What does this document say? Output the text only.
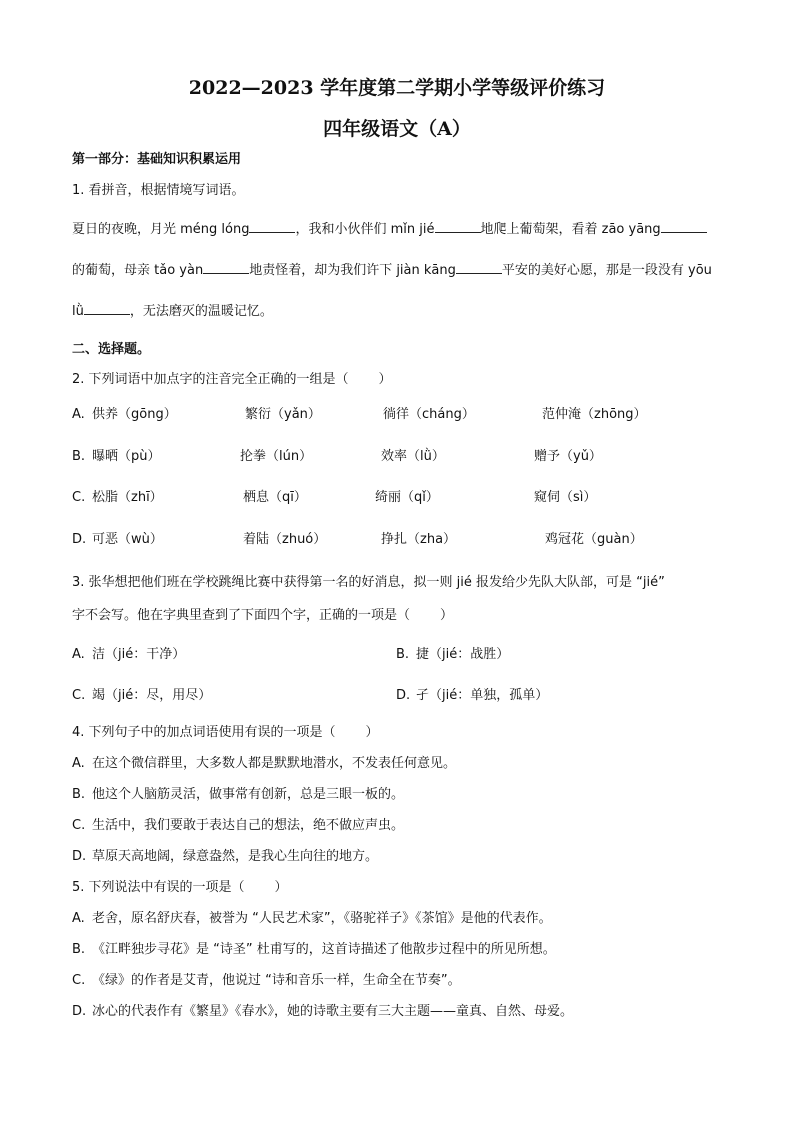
2022—2023 学年度第二学期小学等级评价练习
四年级语文（A）
第一部分：基础知识积累运用
1. 看拼音，根据情境写词语。
夏日的夜晚，月光 méng lóng	，我和小伙伴们 mǐn jié	地爬上葡萄架，看着 zāo yāng
的葡萄，母亲 tǎo yàn	地责怪着，却为我们许下 jiàn kāng	平安的美好心愿，那是一段没有 yōu
lǜ	，无法磨灭的温暖记忆。
二、选择题。
2. 下列词语中加点字的注音完全正确的一组是（ ）
A. 供养（gōng）	繁衍（yǎn）	徜徉（cháng）	范仲淹（zhōng）
B. 曝晒（pù）	抡拳（lún）	效率（lǜ）	赠予（yǔ）
C. 松脂（zhī）	栖息（qī）	绮丽（qǐ）	窥伺（sì）
D. 可恶（wù）	着陆（zhuó）	挣扎（zha）	鸡冠花（guàn）
3. 张华想把他们班在学校跳绳比赛中获得第一名的好消息，拟一则 jié 报发给少先队大队部，可是 “jié”
字不会写。他在字典里查到了下面四个字，正确的一项是（ ）
A. 洁（jié：干净）	B. 捷（jié：战胜）
C. 竭（jié：尽，用尽）	D. 孑（jié：单独，孤单）
4. 下列句子中的加点词语使用有误的一项是（ ）
A. 在这个微信群里，大多数人都是默默地潜水，不发表任何意见。
B. 他这个人脑筋灵活，做事常有创新，总是三眼一板的。
C. 生活中，我们要敢于表达自己的想法，绝不做应声虫。
D. 草原天高地阔，绿意盎然，是我心生向往的地方。
5. 下列说法中有误的一项是（ ）
A. 老舍，原名舒庆春，被誉为 “人民艺术家”，《骆驼祥子》《茶馆》是他的代表作。
B. 《江畔独步寻花》是 “诗圣” 杜甫写的，这首诗描述了他散步过程中的所见所想。
C. 《绿》的作者是艾青，他说过 “诗和音乐一样，生命全在节奏”。
D. 冰心的代表作有《繁星》《春水》，她的诗歌主要有三大主题——童真、自然、母爱。
